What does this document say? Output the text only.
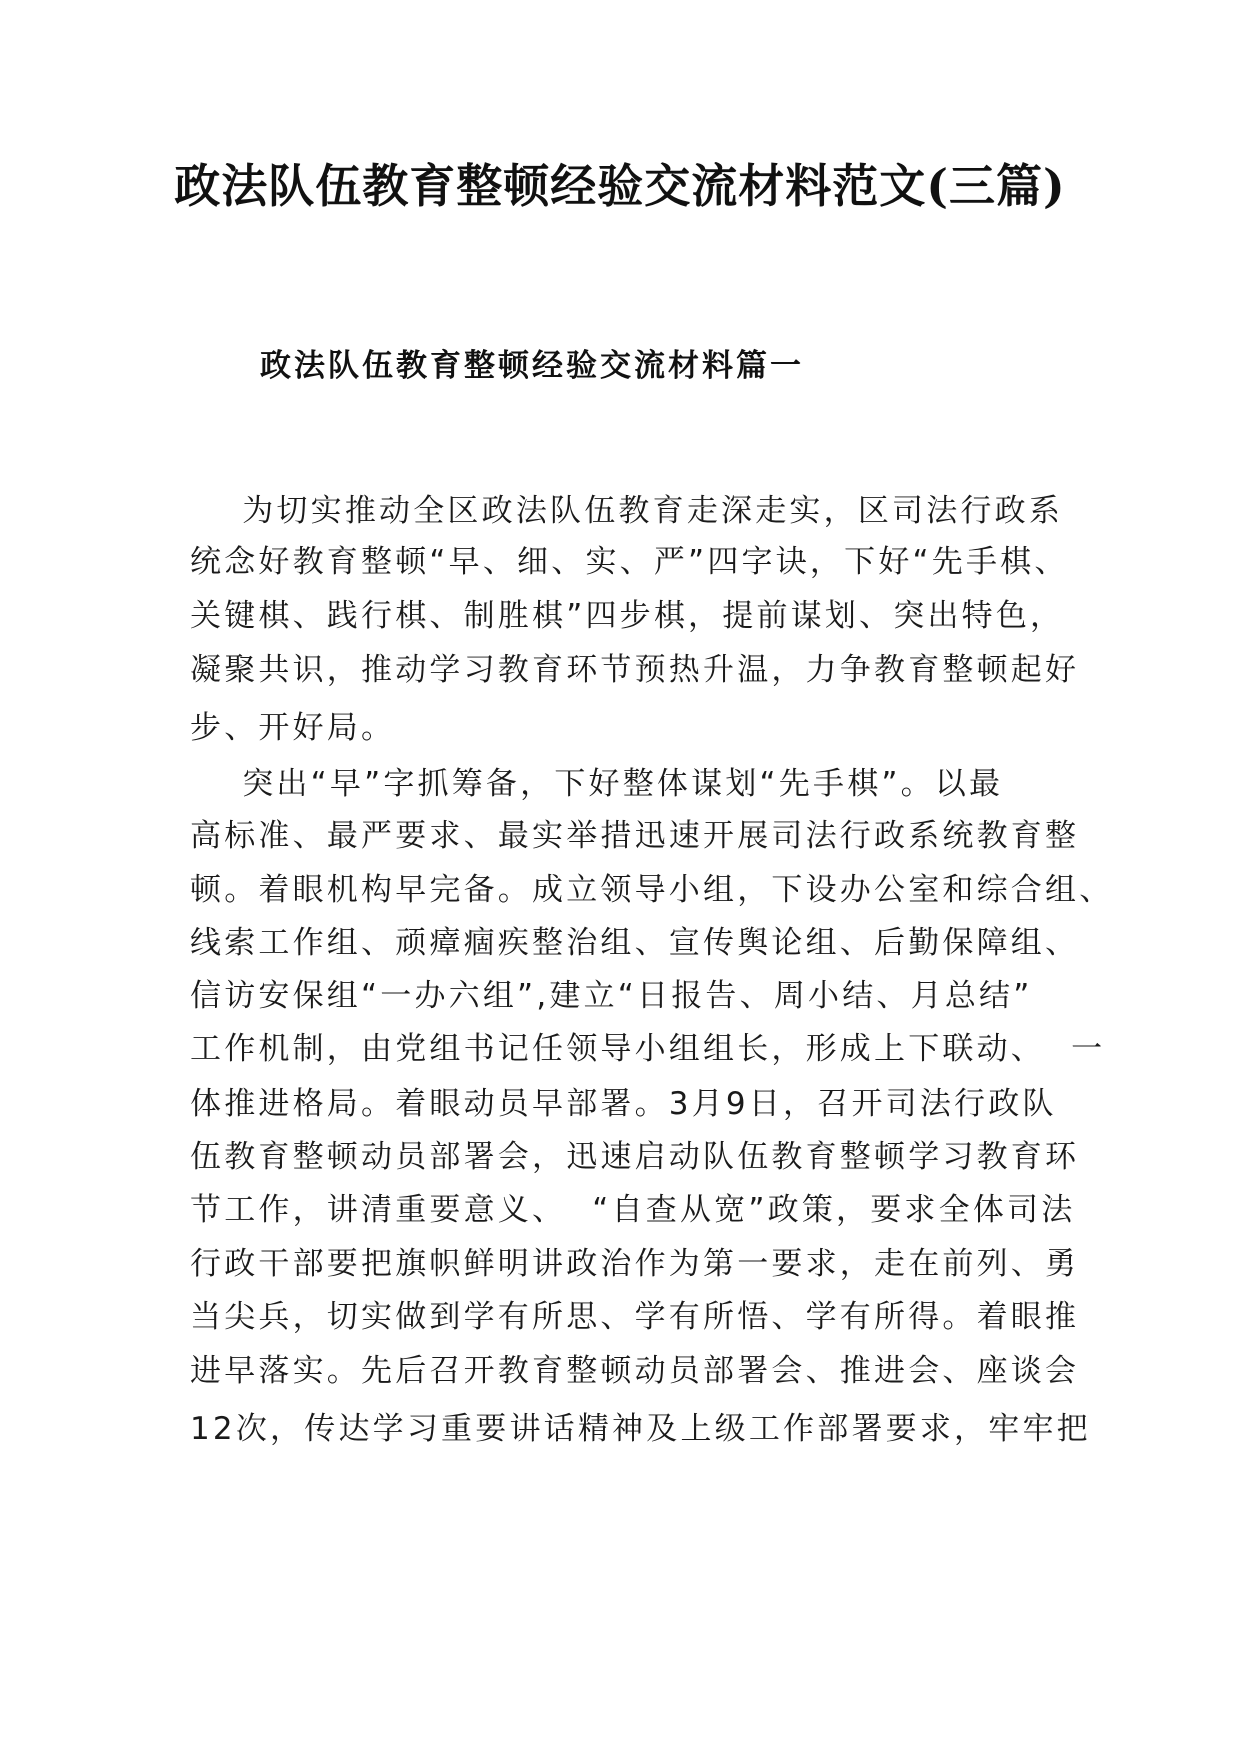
政法队伍教育整顿经验交流材料范文(三篇)
政法队伍教育整顿经验交流材料篇一
为切实推动全区政法队伍教育走深走实，区司法行政系
统念好教育整顿“早、细、实、严”四字诀，下好“先手棋、
关键棋、践行棋、制胜棋”四步棋，提前谋划、突出特色，
凝聚共识，推动学习教育环节预热升温，力争教育整顿起好
步、开好局。
突出“早”字抓筹备，下好整体谋划“先手棋”。以最
高标准、最严要求、最实举措迅速开展司法行政系统教育整
顿。着眼机构早完备。成立领导小组，下设办公室和综合组、
线索工作组、顽瘴痼疾整治组、宣传舆论组、后勤保障组、
信访安保组“一办六组”,建立“日报告、周小结、月总结”
工作机制，由党组书记任领导小组组长，形成上下联动、  一
体推进格局。着眼动员早部署。3月9日，召开司法行政队
伍教育整顿动员部署会，迅速启动队伍教育整顿学习教育环
节工作，讲清重要意义、  “自查从宽”政策，要求全体司法
行政干部要把旗帜鲜明讲政治作为第一要求，走在前列、勇
当尖兵，切实做到学有所思、学有所悟、学有所得。着眼推
进早落实。先后召开教育整顿动员部署会、推进会、座谈会
12次，传达学习重要讲话精神及上级工作部署要求，牢牢把
